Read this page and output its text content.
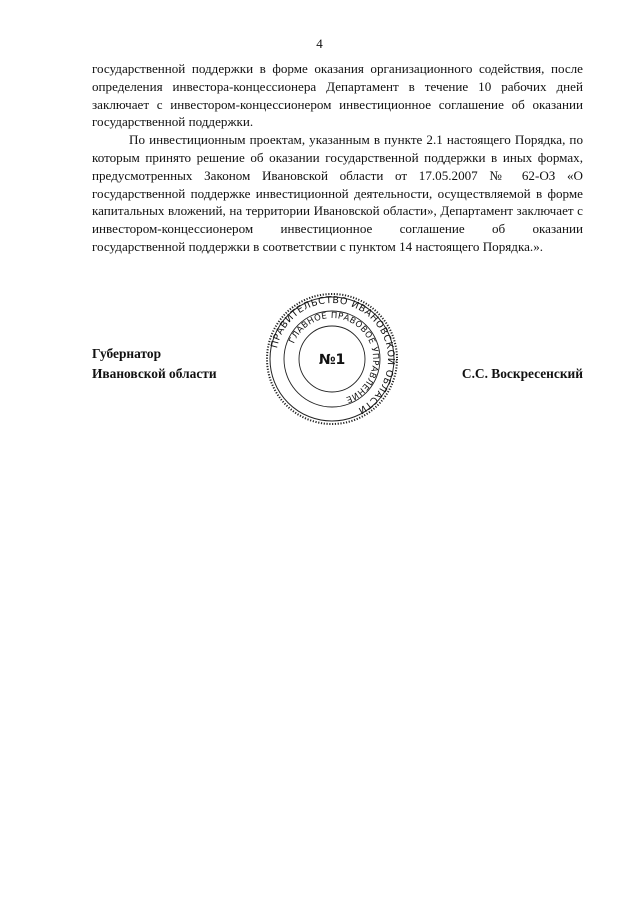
4

государственной поддержки в форме оказания организационного содействия, после определения инвестора-концессионера Департамент в течение 10 рабочих дней заключает с инвестором-концессионером инвестиционное соглашение об оказании государственной поддержки.

По инвестиционным проектам, указанным в пункте 2.1 настоящего Порядка, по которым принято решение об оказании государственной поддержки в иных формах, предусмотренных Законом Ивановской области от 17.05.2007 № 62-ОЗ «О государственной поддержке инвестиционной деятельности, осуществляемой в форме капитальных вложений, на территории Ивановской области», Департамент заключает с инвестором-концессионером инвестиционное соглашение об оказании государственной поддержки в соответствии с пунктом 14 настоящего Порядка.».

Губернатор
Ивановской области
ПРАВИТЕЛЬСТВО ИВАНОВСКОЙ ОБЛАСТИ
ГЛАВНОЕ ПРАВОВОЕ УПРАВЛЕНИЕ
№1
С.С. Воскресенский
